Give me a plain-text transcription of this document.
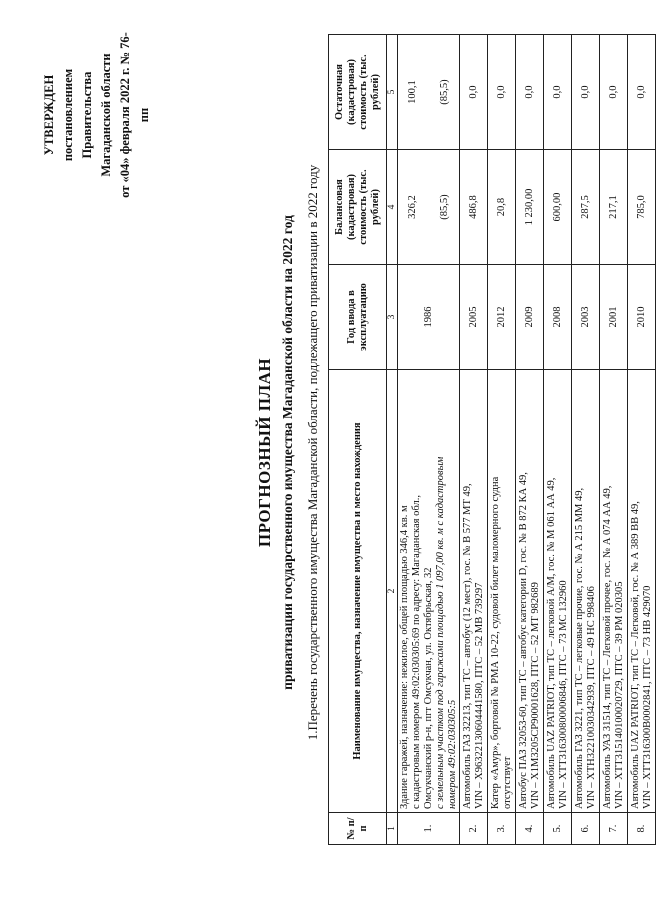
УТВЕРЖДЕН постановлением Правительства Магаданской области от «04» февраля 2022 г. № 76-пп
ПРОГНОЗНЫЙ ПЛАН приватизации государственного имущества Магаданской области на 2022 год 1.Перечень государственного имущества Магаданской области, подлежащего приватизации в 2022 году
№ п/п	Наименование имущества, назначение имущества и место нахождения	Год ввода в эксплуатацию	Балансовая (кадастровая) стоимость (тыс. рублей)	Остаточная (кадастровая) стоимость (тыс. рублей)
1	2	3	4	5
1.	Здание гаражей, назначение: нежилое, общей площадью 346,4 кв. м с кадастровым номером 49:02:030305:69 по адресу: Магаданская обл., Омсукчанский р-н, пгт Омсукчан, ул. Октябрьская, 32 с земельным участком под гаражами площадью 1 097,00 кв. м с кадастровым номером 49:02:030305:5	1986	326,2 (85,5)	100,1 (85,5)

2.	Автомобиль ГАЗ 32213, тип ТС – автобус (12 мест), гос. № В 577 МТ 49, VIN – X96322130604441580, ПТС – 52 МВ 739297	2005	486,8	0,0
3.	Катер «Амур», бортовой № РМА 10-22, судовой билет маломерного судна отсутствует	2012	20,8	0,0
4.	Автобус ПАЗ 32053-60, тип ТС – автобус категории D, гос. № В 872 КА 49, VIN – X1M3205CP90001628, ПТС – 52 МТ 982689	2009	1 230,00	0,0
5.	Автомобиль UAZ PATRIOT, тип ТС – легковой А/М, гос. № М 061 АА 49, VIN – XTT316300800006846, ПТС – 73 МС 132960	2008	600,00	0,0
6.	Автомобиль ГАЗ 3221, тип ТС – легковые прочие, гос. № А 215 ММ 49, VIN – XTH32210030342939, ПТС – 49 НС 998406	2003	287,5	0,0
7.	Автомобиль УАЗ 31514, тип ТС – Легковой прочее, гос. № А 074 АА 49, VIN – XTT315140100020729, ПТС – 39 РМ 020305	2001	217,1	0,0
8.	Автомобиль UAZ PATRIOT, тип ТС – Легковой, гос. № А 389 ВВ 49, VIN – XTT316300B0002841, ПТС – 73 НВ 429070	2010	785,0	0,0
